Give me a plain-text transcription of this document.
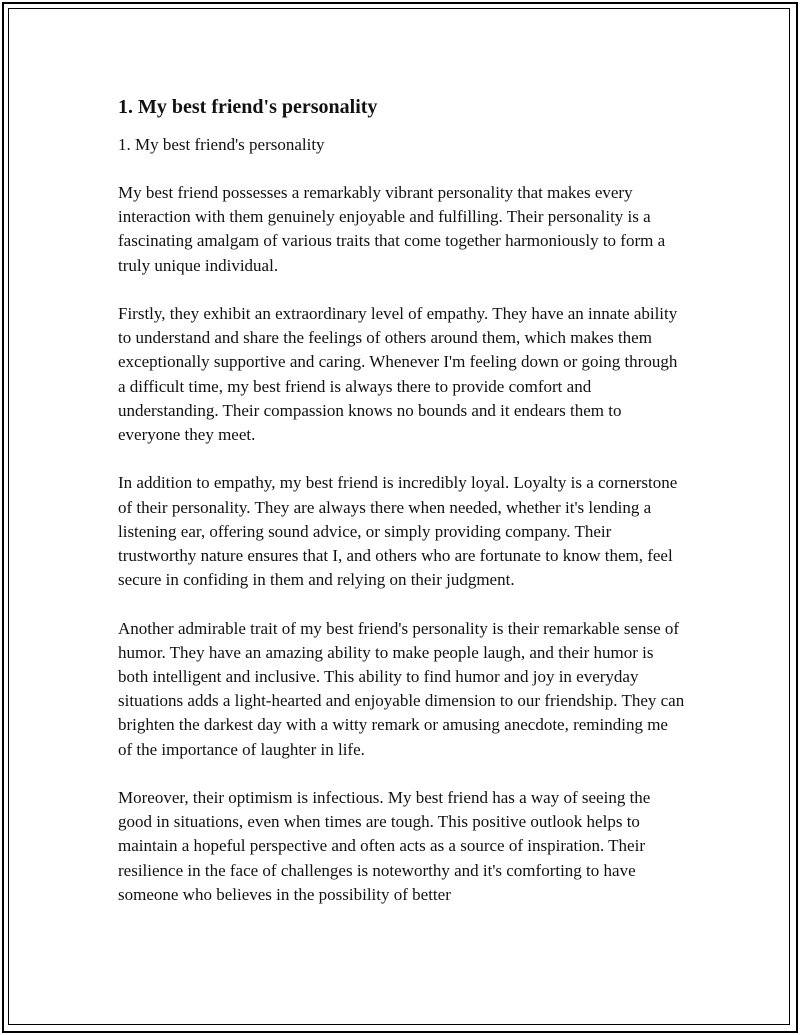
1. My best friend's personality

1. My best friend's personality

My best friend possesses a remarkably vibrant personality that makes every interaction with them genuinely enjoyable and fulfilling. Their personality is a fascinating amalgam of various traits that come together harmoniously to form a truly unique individual.

Firstly, they exhibit an extraordinary level of empathy. They have an innate ability to understand and share the feelings of others around them, which makes them exceptionally supportive and caring. Whenever I'm feeling down or going through a difficult time, my best friend is always there to provide comfort and understanding. Their compassion knows no bounds and it endears them to everyone they meet.

In addition to empathy, my best friend is incredibly loyal. Loyalty is a cornerstone of their personality. They are always there when needed, whether it's lending a listening ear, offering sound advice, or simply providing company. Their trustworthy nature ensures that I, and others who are fortunate to know them, feel secure in confiding in them and relying on their judgment.

Another admirable trait of my best friend's personality is their remarkable sense of humor. They have an amazing ability to make people laugh, and their humor is both intelligent and inclusive. This ability to find humor and joy in everyday situations adds a light-hearted and enjoyable dimension to our friendship. They can brighten the darkest day with a witty remark or amusing anecdote, reminding me of the importance of laughter in life.

Moreover, their optimism is infectious. My best friend has a way of seeing the good in situations, even when times are tough. This positive outlook helps to maintain a hopeful perspective and often acts as a source of inspiration. Their resilience in the face of challenges is noteworthy and it's comforting to have someone who believes in the possibility of better
